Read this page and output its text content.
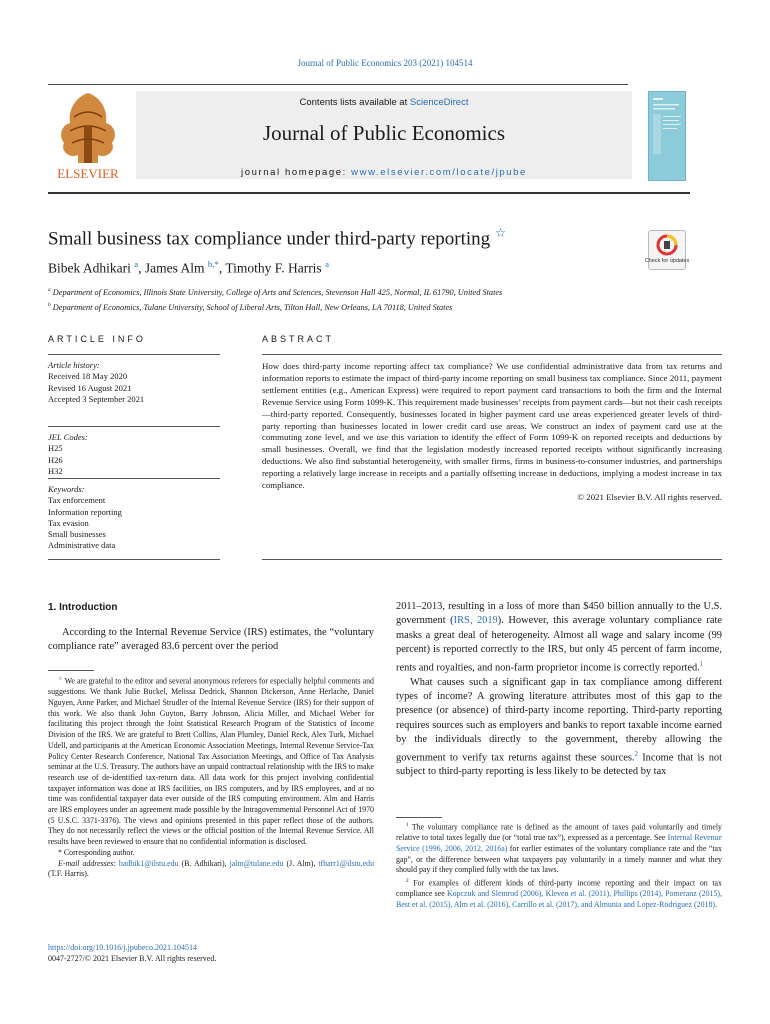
Journal of Public Economics 203 (2021) 104514
ELSEVIER
Contents lists available at ScienceDirect
Journal of Public Economics
journal homepage: www.elsevier.com/locate/jpube
Small business tax compliance under third-party reporting ☆
Check for updates
Bibek Adhikari $^a$, James Alm $^{b,*}$, Timothy F. Harris $^a$
$^a$ Department of Economics, Illinois State University, College of Arts and Sciences, Stevenson Hall 425, Normal, IL 61790, United States
$^b$ Department of Economics, Tulane University, School of Liberal Arts, Tilton Hall, New Orleans, LA 70118, United States
ARTICLE INFO	ABSTRACT
Article history:
Received 18 May 2020
Revised 16 August 2021
Accepted 3 September 2021
JEL Codes:
H25
H26
H32
Keywords:
Tax enforcement
Information reporting
Tax evasion
Small businesses
Administrative data
How does third-party income reporting affect tax compliance? We use confidential administrative data from tax returns and information reports to estimate the impact of third-party income reporting on small business tax compliance. Since 2011, payment settlement entities (e.g., American Express) were required to report payment card transactions to both the firm and the Internal Revenue Service using Form 1099-K. This requirement made businesses’ receipts from payment cards—but not their cash receipts—third-party reported. Consequently, businesses located in higher payment card use areas experienced greater levels of third-party reporting than businesses located in lower credit card use areas. We construct an index of payment card use at the commuting zone level, and we use this variation to identify the effect of Form 1099-K on reported receipts and deductions by small businesses. Overall, we find that the legislation modestly increased reported receipts without significantly increasing deductions. We also find substantial heterogeneity, with smaller firms, firms in business-to-consumer industries, and partnerships reporting a relatively large increase in receipts and a partially offsetting increase in deductions, implying a modest increase in tax compliance.
© 2021 Elsevier B.V. All rights reserved.
1. Introduction
According to the Internal Revenue Service (IRS) estimates, the “voluntary compliance rate” averaged 83.6 percent over the period

☆ We are grateful to the editor and several anonymous referees for especially helpful comments and suggestions. We thank Julie Buckel, Melissa Dedrick, Shannon Dickerson, Anne Herlache, Daniel Nguyen, Anne Parker, and Michael Strudler of the Internal Revenue Service (IRS) for their support of this work. We also thank John Guyton, Barry Johnson, Alicia Miller, and Michael Weber for facilitating this project through the Joint Statistical Research Program of the Statistics of Income Division of the IRS. We are grateful to Brett Collins, Alan Plumley, Daniel Reck, Alex Turk, Michael Udell, and participants at the American Economic Association Meetings, Internal Revenue Service-Tax Policy Center Research Conference, National Tax Association Meetings, and Office of Tax Analysis seminar at the U.S. Treasury. The authors have an unpaid contractual relationship with the IRS to make research use of de-identified tax-return data. All data work for this project involving confidential taxpayer information was done at IRS facilities, on IRS computers, and by IRS employees, and at no time was confidential taxpayer data ever outside of the IRS computing environment. Alm and Harris are IRS employees under an agreement made possible by the Intragovernmental Personnel Act of 1970 (5 U.S.C. 3371-3376). The views and opinions presented in this paper reflect those of the authors. They do not necessarily reflect the views or the official position of the Internal Revenue Service. All results have been reviewed to ensure that no confidential information is disclosed.

* Corresponding author.

E-mail addresses: badhik1@ilstu.edu (B. Adhikari), jalm@tulane.edu (J. Alm), tfharr1@ilstu.edu (T.F. Harris).

2011–2013, resulting in a loss of more than $450 billion annually to the U.S. government (IRS, 2019). However, this average voluntary compliance rate masks a great deal of heterogeneity. Almost all wage and salary income (99 percent) is reported correctly to the IRS, but only 45 percent of farm income, rents and royalties, and non-farm proprietor income is correctly reported.$^1$

What causes such a significant gap in tax compliance among different types of income? A growing literature attributes most of this gap to the presence (or absence) of third-party income reporting. Third-party reporting requires sources such as employers and banks to report taxable income earned by the individuals directly to the government, thereby allowing the government to verify tax returns against these sources.$^2$ Income that is not subject to third-party reporting is less likely to be detected by tax

$^1$ The voluntary compliance rate is defined as the amount of taxes paid voluntarily and timely relative to total taxes legally due (or “total true tax”), expressed as a percentage. See Internal Revenue Service (1996, 2006, 2012, 2016a) for earlier estimates of the voluntary compliance rate and the “tax gap”, or the difference between what taxpayers pay voluntarily in a timely manner and what they should pay if they complied fully with the tax laws.

$^2$ For examples of different kinds of third-party income reporting and their impact on tax compliance see Kopczuk and Slemrod (2006), Kleven et al. (2011), Phillips (2014), Pomeranz (2015), Best et al. (2015), Alm et al. (2016), Carrillo et al. (2017), and Almunia and Lopez-Rodriguez (2018).

https://doi.org/10.1016/j.jpubeco.2021.104514
0047-2727/© 2021 Elsevier B.V. All rights reserved.
